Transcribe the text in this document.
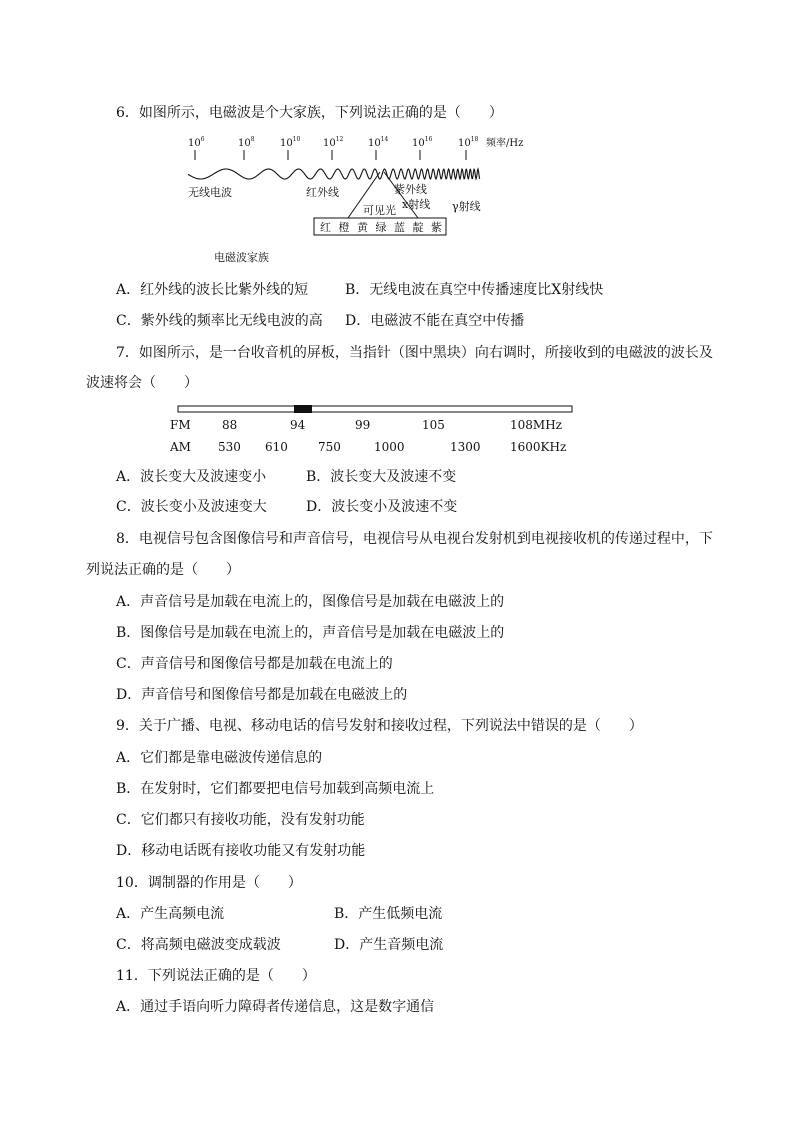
6．如图所示，电磁波是个大家族，下列说法正确的是（　　）
$10^6$	$10^8$	$10^{10}$ $10^{12}$ $10^{14}$ $10^{16}$	$10^{18}$ 频率/Hz
无线电波	红外线	紫外线
可见光 x射线 γ射线
红 橙 黄 绿 蓝 靛 紫
电磁波家族
A．红外线的波长比紫外线的短	B．无线电波在真空中传播速度比X射线快
C．紫外线的频率比无线电波的高 D．电磁波不能在真空中传播
7．如图所示，是一台收音机的屏板，当指针（图中黑块）向右调时，所接收到的电磁波的波长及
波速将会（　　）
FM	88	94	99	105	108MHz
AM 530 610	750	1000	1300 1600KHz
A．波长变大及波速变小	B．波长变大及波速不变
C．波长变小及波速变大	D．波长变小及波速不变
8．电视信号包含图像信号和声音信号，电视信号从电视台发射机到电视接收机的传递过程中，下
列说法正确的是（　　）
A．声音信号是加载在电流上的，图像信号是加载在电磁波上的
B．图像信号是加载在电流上的，声音信号是加载在电磁波上的
C．声音信号和图像信号都是加载在电流上的
D．声音信号和图像信号都是加载在电磁波上的
9．关于广播、电视、移动电话的信号发射和接收过程，下列说法中错误的是（　　）
A．它们都是靠电磁波传递信息的
B．在发射时，它们都要把电信号加载到高频电流上
C．它们都只有接收功能，没有发射功能
D．移动电话既有接收功能又有发射功能
10．调制器的作用是（　　）
A．产生高频电流	B．产生低频电流
C．将高频电磁波变成载波	D．产生音频电流
11．下列说法正确的是（　　）
A．通过手语向听力障碍者传递信息，这是数字通信
